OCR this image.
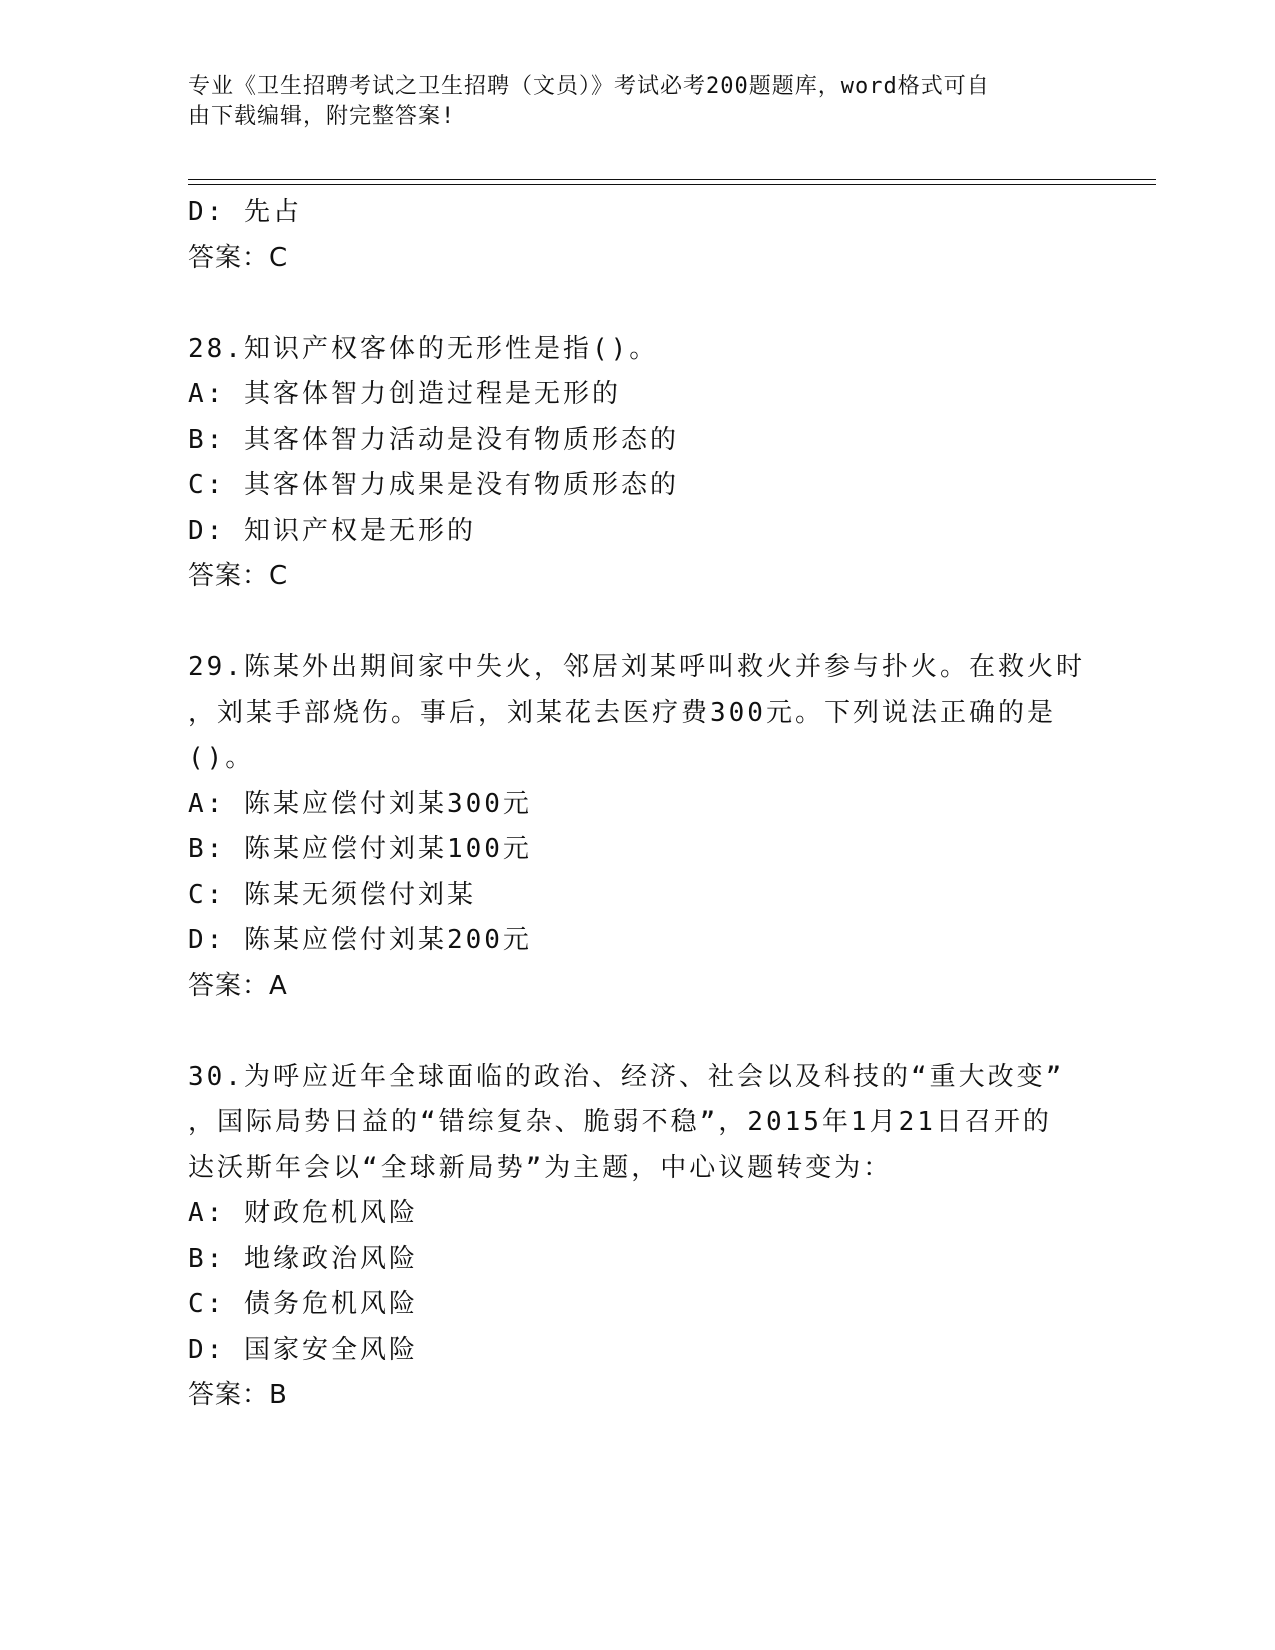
专业《卫生招聘考试之卫生招聘（文员）》考试必考200题题库，word格式可自
由下载编辑，附完整答案!
D: 先占
答案：C
28.知识产权客体的无形性是指()。
A: 其客体智力创造过程是无形的
B: 其客体智力活动是没有物质形态的
C: 其客体智力成果是没有物质形态的
D: 知识产权是无形的
答案：C
29.陈某外出期间家中失火，邻居刘某呼叫救火并参与扑火。在救火时
，刘某手部烧伤。事后，刘某花去医疗费300元。下列说法正确的是
()。
A: 陈某应偿付刘某300元
B: 陈某应偿付刘某100元
C: 陈某无须偿付刘某
D: 陈某应偿付刘某200元
答案：A
30.为呼应近年全球面临的政治、经济、社会以及科技的“重大改变”
，国际局势日益的“错综复杂、脆弱不稳”，2015年1月21日召开的
达沃斯年会以“全球新局势”为主题，中心议题转变为：
A: 财政危机风险
B: 地缘政治风险
C: 债务危机风险
D: 国家安全风险
答案：B
